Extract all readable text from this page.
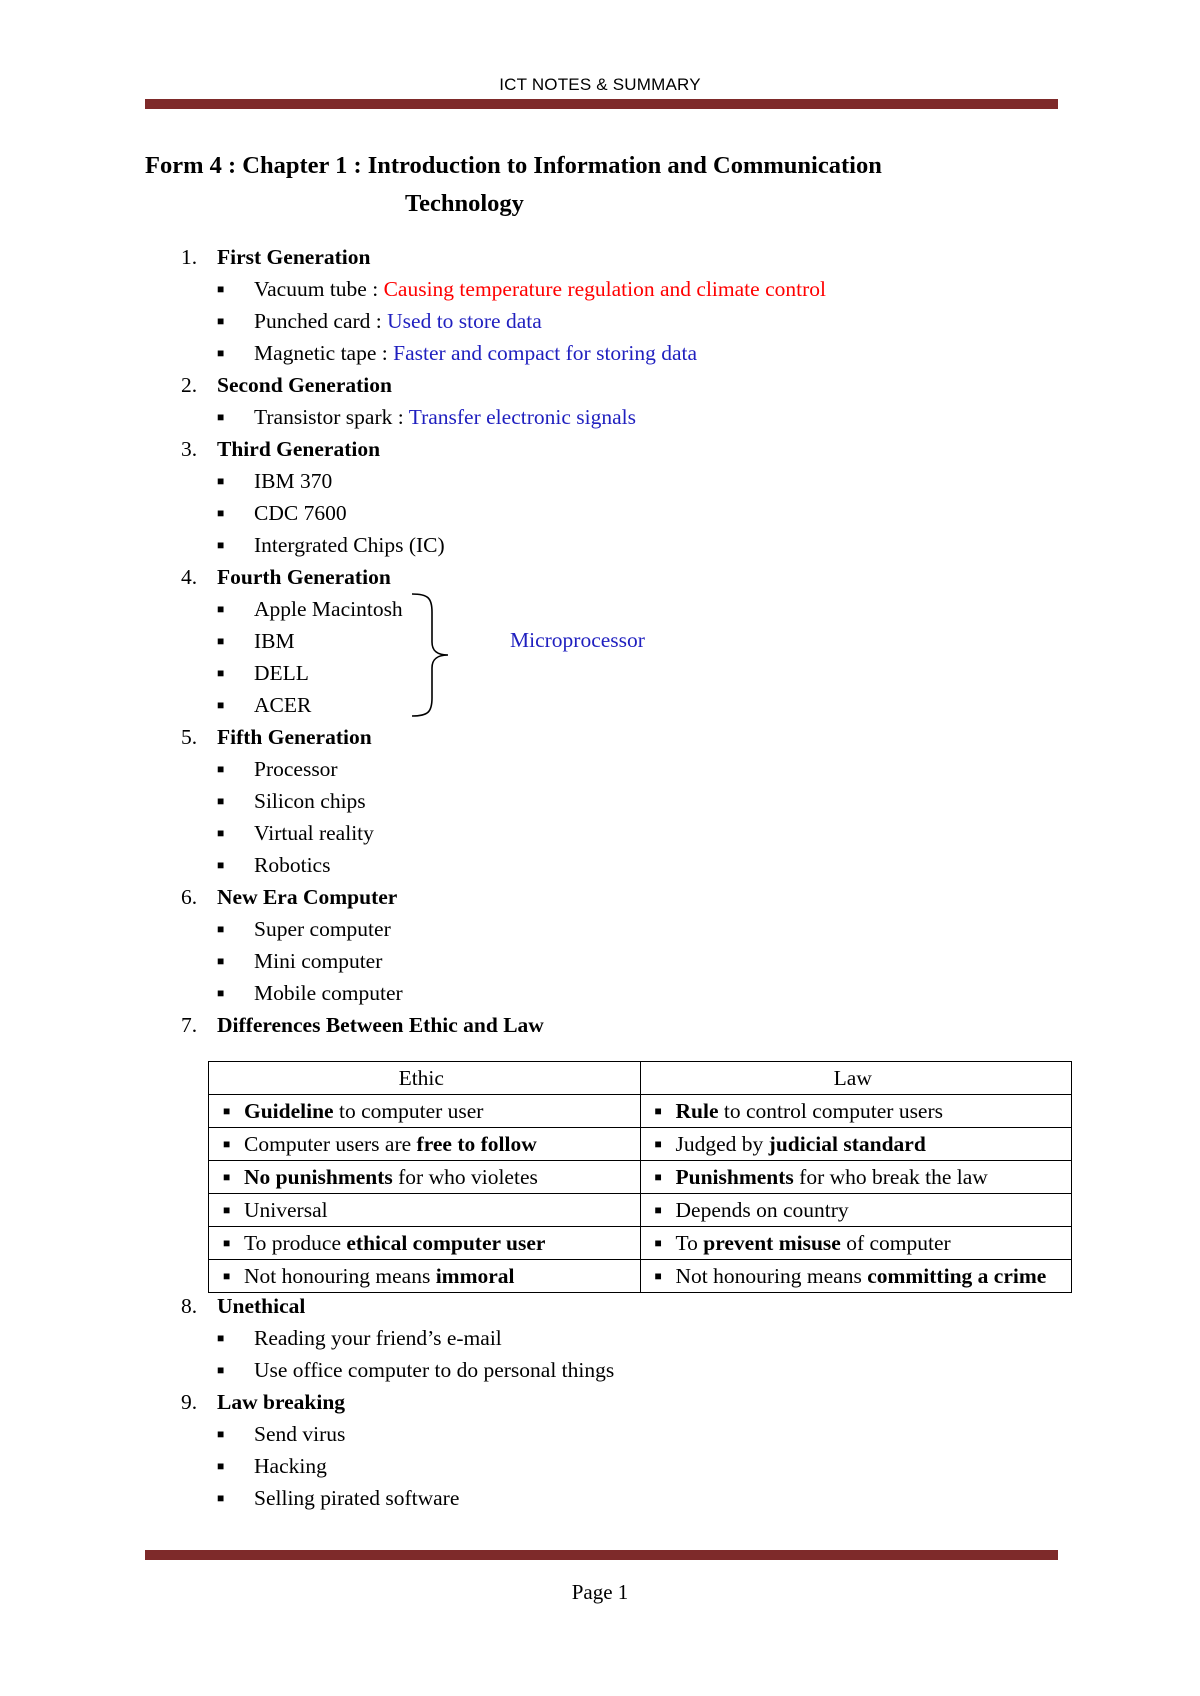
ICT NOTES & SUMMARY
Form 4 : Chapter 1 : Introduction to Information and Communication
Technology
1. First Generation
■ Vacuum tube : Causing temperature regulation and climate control
■ Punched card : Used to store data
■ Magnetic tape : Faster and compact for storing data
2. Second Generation
■ Transistor spark : Transfer electronic signals
3. Third Generation
■ IBM 370
■ CDC 7600
■ Intergrated Chips (IC)
4. Fourth Generation
■ Apple Macintosh
■ IBM
■ DELL
■ ACER
5. Fifth Generation
■ Processor
■ Silicon chips
■ Virtual reality
■ Robotics
6. New Era Computer
■ Super computer
■ Mini computer
■ Mobile computer
7. Differences Between Ethic and Law
8. Unethical
■ Reading your friend’s e-mail
■ Use office computer to do personal things
9. Law breaking
■ Send virus
■ Hacking
■ Selling pirated software
Microprocessor
Ethic	Law
■ Guideline to computer user	■ Rule to control computer users
■ Computer users are free to follow	■ Judged by judicial standard
■ No punishments for who violetes	■ Punishments for who break the law
■ Universal	■ Depends on country
■ To produce ethical computer user	■ To prevent misuse of computer
■ Not honouring means immoral	■ Not honouring means committing a crime
Page 1
